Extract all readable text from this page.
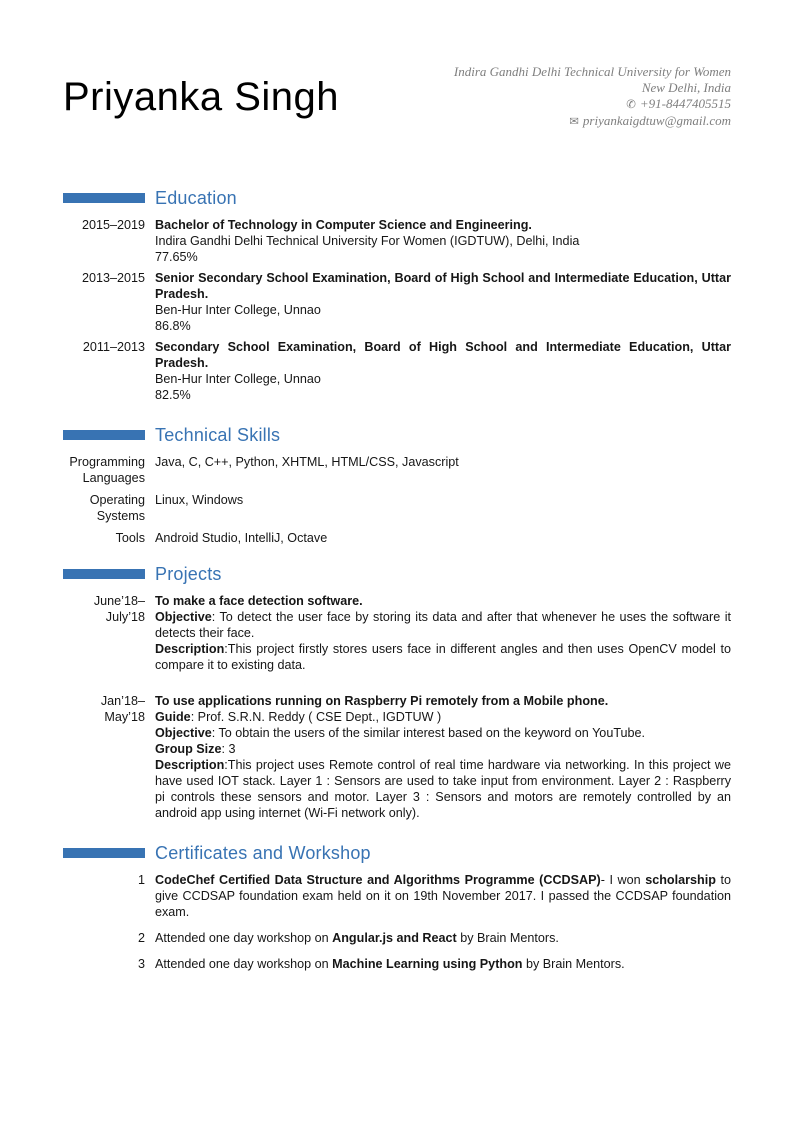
Priyanka Singh
Indira Gandhi Delhi Technical University for Women
New Delhi, India
✆ +91-8447405515
✉ priyankaigdtuw@gmail.com
Education
2015–2019 Bachelor of Technology in Computer Science and Engineering.

Indira Gandhi Delhi Technical University For Women (IGDTUW), Delhi, India

77.65%

2013–2015 Senior Secondary School Examination, Board of High School and Intermediate Education, Uttar Pradesh.

Ben-Hur Inter College, Unnao

86.8%

2011–2013 Secondary School Examination, Board of High School and Intermediate Education, Uttar Pradesh.

Ben-Hur Inter College, Unnao

82.5%

Technical Skills
Programming Languages
Java, C, C++, Python, XHTML, HTML/CSS, Javascript
Operating Systems
Linux, Windows
Tools Android Studio, IntelliJ, Octave
Projects
June’18–
July’18

To make a face detection software.

Objective: To detect the user face by storing its data and after that whenever he uses the software it detects their face.

Description:This project firstly stores users face in different angles and then uses OpenCV model to compare it to existing data.

Jan’18–
May’18

To use applications running on Raspberry Pi remotely from a Mobile phone.

Guide: Prof. S.R.N. Reddy ( CSE Dept., IGDTUW )

Objective: To obtain the users of the similar interest based on the keyword on YouTube.

Group Size: 3

Description:This project uses Remote control of real time hardware via networking. In this project we have used IOT stack. Layer 1 : Sensors are used to take input from environment. Layer 2 : Raspberry pi controls these sensors and motor. Layer 3 : Sensors and motors are remotely controlled by an android app using internet (Wi-Fi network only).

Certificates and Workshop
1 CodeChef Certified Data Structure and Algorithms Programme (CCDSAP)- I won scholarship to give CCDSAP foundation exam held on it on 19th November 2017. I passed the CCDSAP foundation exam.

2 Attended one day workshop on Angular.js and React by Brain Mentors.

3 Attended one day workshop on Machine Learning using Python by Brain Mentors.
